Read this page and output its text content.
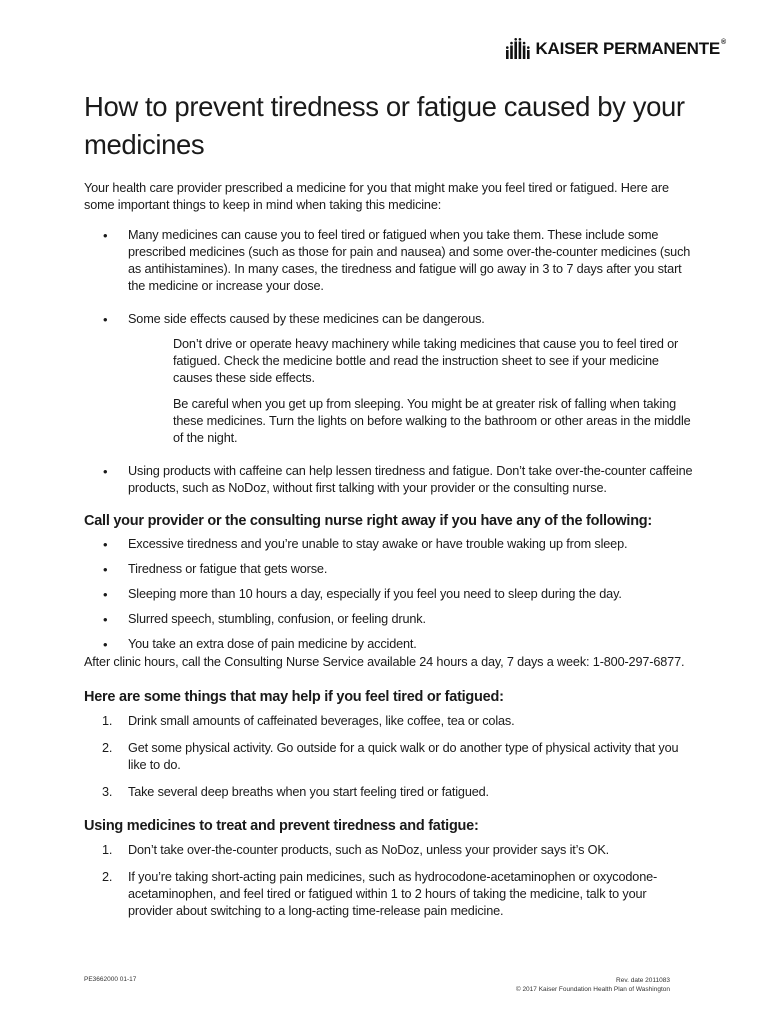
KAISER PERMANENTE®
How to prevent tiredness or fatigue caused by your medicines

Your health care provider prescribed a medicine for you that might make you feel tired or fatigued. Here are some important things to keep in mind when taking this medicine:

• Many medicines can cause you to feel tired or fatigued when you take them. These include some prescribed medicines (such as those for pain and nausea) and some over-the-counter medicines (such as antihistamines). In many cases, the tiredness and fatigue will go away in 3 to 7 days after you start the medicine or increase your dose.
• Some side effects caused by these medicines can be dangerous.

Don’t drive or operate heavy machinery while taking medicines that cause you to feel tired or fatigued. Check the medicine bottle and read the instruction sheet to see if your medicine causes these side effects.

Be careful when you get up from sleeping. You might be at greater risk of falling when taking these medicines. Turn the lights on before walking to the bathroom or other areas in the middle of the night.

• Using products with caffeine can help lessen tiredness and fatigue. Don’t take over-the-counter caffeine products, such as NoDoz, without first talking with your provider or the consulting nurse.
Call your provider or the consulting nurse right away if you have any of the following:
• Excessive tiredness and you’re unable to stay awake or have trouble waking up from sleep.
• Tiredness or fatigue that gets worse.
• Sleeping more than 10 hours a day, especially if you feel you need to sleep during the day.
• Slurred speech, stumbling, confusion, or feeling drunk.
• You take an extra dose of pain medicine by accident.

After clinic hours, call the Consulting Nurse Service available 24 hours a day, 7 days a week: 1-800-297-6877.

Here are some things that may help if you feel tired or fatigued:
1. Drink small amounts of caffeinated beverages, like coffee, tea or colas.
2. Get some physical activity. Go outside for a quick walk or do another type of physical activity that you like to do.
3. Take several deep breaths when you start feeling tired or fatigued.
Using medicines to treat and prevent tiredness and fatigue:
1. Don’t take over-the-counter products, such as NoDoz, unless your provider says it’s OK.
2. If you’re taking short-acting pain medicines, such as hydrocodone-acetaminophen or oxycodone-acetaminophen, and feel tired or fatigued within 1 to 2 hours of taking the medicine, talk to your provider about switching to a long-acting time-release pain medicine.
PE3662000 01-17	Rev. date 2011083
© 2017 Kaiser Foundation Health Plan of Washington
